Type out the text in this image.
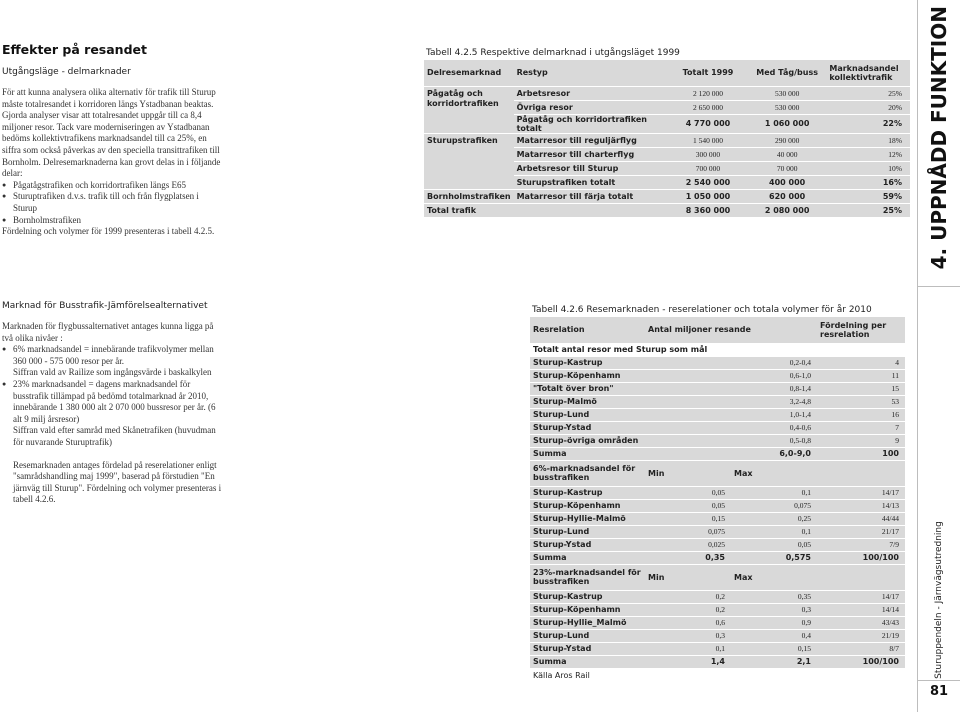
Effekter på resandet
Utgångsläge - delmarknader

För att kunna analysera olika alternativ för trafik till Sturup måste totalresandet i korridoren längs Ystadbanan beaktas. Gjorda analyser visar att totalresandet uppgår till ca 8,4 miljoner resor. Tack vare moderniseringen av Ystadbanan bedöms kollektivtrafikens marknadsandel till ca 25%, en siffra som också påverkas av den speciella transittrafiken till Bornholm. Delresemarknaderna kan grovt delas in i följande delar:

● Pågatågstrafiken och korridortrafiken längs E65
● Sturuptrafiken d.v.s. trafik till och från flygplatsen i Sturup
● Bornholmstrafiken

Fördelning och volymer för 1999 presenteras i tabell 4.2.5.

Marknad för Busstrafik-Jämförelsealternativet

Marknaden för flygbussalternativet antages kunna ligga på två olika nivåer :

● 6% marknadsandel = innebärande trafikvolymer mellan 360 000 - 575 000 resor per år.
Siffran vald av Railize som ingångsvärde i baskalkylen
● 23% marknadsandel = dagens marknadsandel för busstrafik tillämpad på bedömd totalmarknad år 2010, innebärande 1 380 000 alt 2 070 000 bussresor per år. (6 alt 9 milj årsresor)
Siffran vald efter samråd med Skånetrafiken (huvudman för nuvarande Sturuptrafik)

Resemarknaden antages fördelad på reserelationer enligt "samrådshandling maj 1999", baserad på förstudien "En järnväg till Sturup". Fördelning och volymer presenteras i tabell 4.2.6.

Tabell 4.2.5 Respektive delmarknad i utgångsläget 1999
Delresemarknad	Restyp	Totalt 1999	Med Tåg/buss	Marknadsandel kollektivtrafik
Pågatåg och korridortrafiken	Arbetsresor	2 120 000	530 000	25%
	Övriga resor	2 650 000	530 000	20%
	Pågatåg och korridortrafiken totalt	4 770 000	1 060 000	22%
Sturupstrafiken	Matarresor till reguljärflyg	1 540 000	290 000	18%
	Matarresor till charterflyg	300 000	40 000	12%
	Arbetsresor till Sturup	700 000	70 000	10%
	Sturupstrafiken totalt	2 540 000	400 000	16%
Bornholmstrafiken	Matarresor till färja totalt	1 050 000	620 000	59%
Total trafik		8 360 000	2 080 000	25%
Tabell 4.2.6 Resemarknaden - reserelationer och totala volymer för år 2010
Resrelation	Antal miljoner resande		Fördelning per resrelation
Totalt antal resor med Sturup som mål			
Sturup-Kastrup	0,2-0,4		4
Sturup-Köpenhamn	0,6-1,0		11
"Totalt över bron"	0,8-1,4		15
Sturup-Malmö	3,2-4,8		53
Sturup-Lund	1,0-1,4		16
Sturup-Ystad	0,4-0,6		7
Sturup-övriga områden	0,5-0,8		9
Summa	6,0-9,0		100
6%-marknadsandel för busstrafiken	Min	Max	
Sturup-Kastrup	0,05	0,1	14/17
Sturup-Köpenhamn	0,05	0,075	14/13
Sturup-Hyllie-Malmö	0,15	0,25	44/44
Sturup-Lund	0,075	0,1	21/17
Sturup-Ystad	0,025	0,05	7/9
Summa	0,35	0,575	100/100
23%-marknadsandel för busstrafiken	Min	Max	
Sturup-Kastrup	0,2	0,35	14/17
Sturup-Köpenhamn	0,2	0,3	14/14
Sturup-Hyllie_Malmö	0,6	0,9	43/43
Sturup-Lund	0,3	0,4	21/19
Sturup-Ystad	0,1	0,15	8/7
Summa	1,4	2,1	100/100
Källa Aros Rail			
4. UPPNÅDD FUNKTION
Sturuppendeln - Järnvägsutredning
81
